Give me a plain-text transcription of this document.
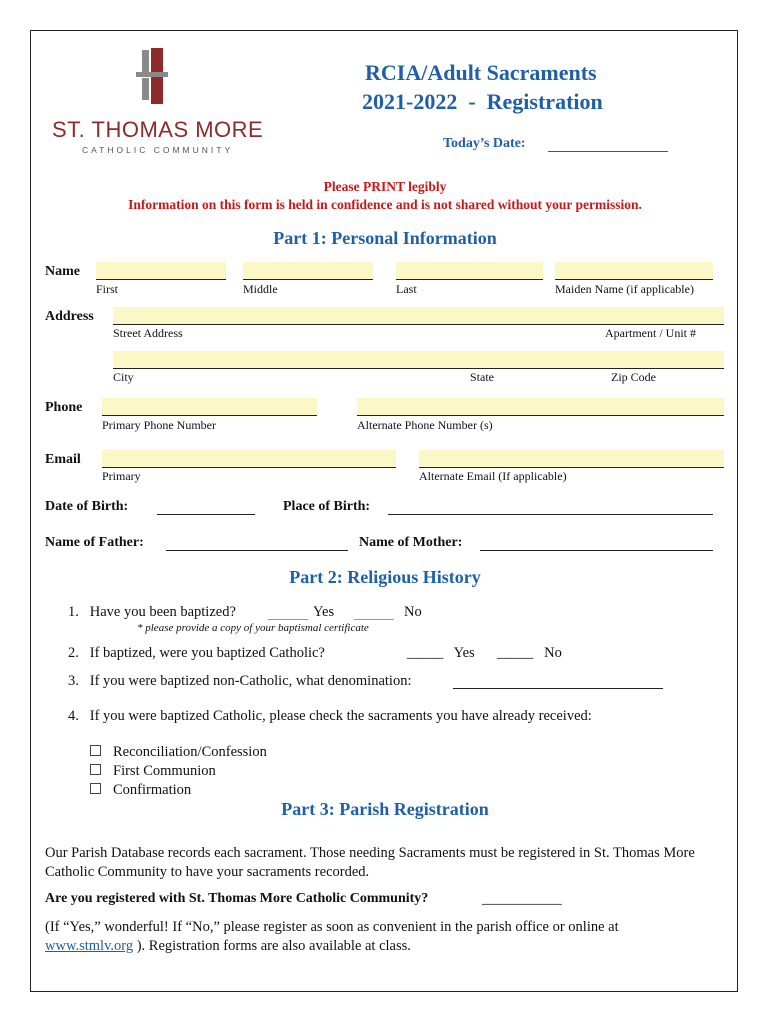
ST. THOMAS MORE
CATHOLIC COMMUNITY
RCIA/Adult Sacraments
2021-2022  -  Registration
Today’s Date:
Please PRINT legibly
Information on this form is held in confidence and is not shared without your permission.
Part 1: Personal Information
Name
First	Middle	Last	Maiden Name (if applicable)
Address
Street Address	Apartment / Unit #
City	State	Zip Code
Phone
Primary Phone Number	Alternate Phone Number (s)
Email
Primary	Alternate Email (If applicable)
Date of Birth:	Place of Birth:
Name of Father:	Name of Mother:
Part 2: Religious History
1.   Have you been baptized?	Yes	No
* please provide a copy of your baptismal certificate
2.   If baptized, were you baptized Catholic?	_____   Yes _____   No
3.   If you were baptized non-Catholic, what denomination:
4.   If you were baptized Catholic, please check the sacraments you have already received:
Reconciliation/Confession
First Communion
Confirmation
Part 3: Parish Registration
Our Parish Database records each sacrament. Those needing Sacraments must be registered in St. Thomas More Catholic Community to have your sacraments recorded.
Are you registered with St. Thomas More Catholic Community?	___________
(If “Yes,” wonderful! If “No,” please register as soon as convenient in the parish office or online at www.stmlv.org ). Registration forms are also available at class.
